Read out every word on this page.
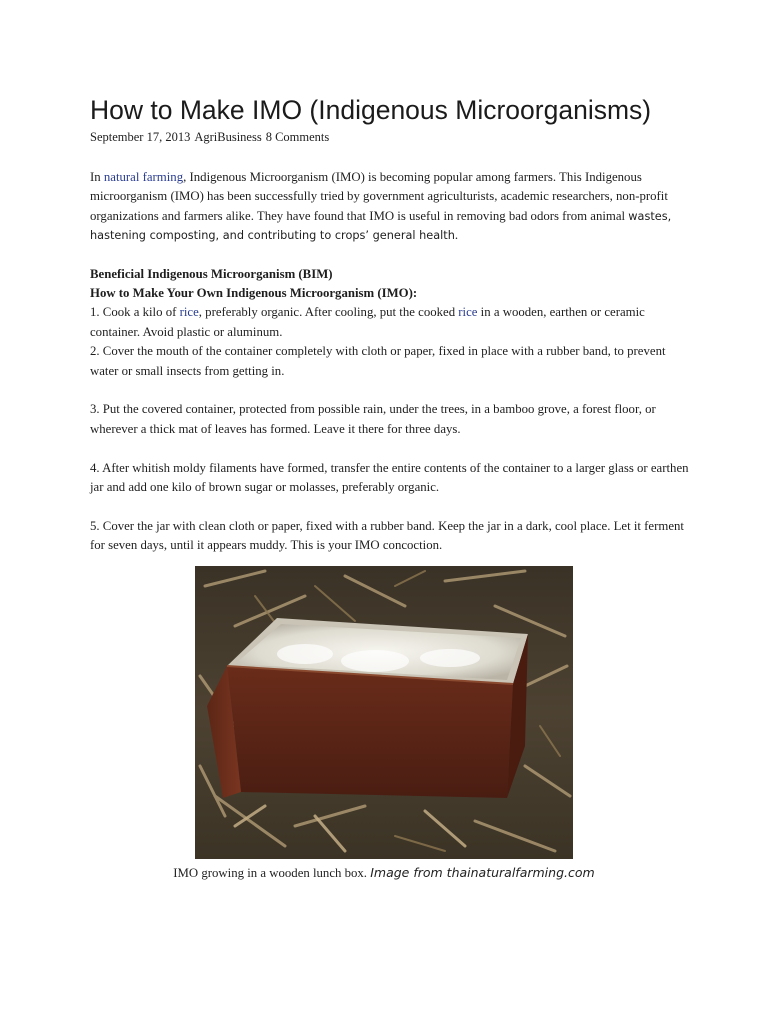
How to Make IMO (Indigenous Microorganisms)
September 17, 2013 AgriBusiness 8 Comments

In natural farming, Indigenous Microorganism (IMO) is becoming popular among farmers. This Indigenous microorganism (IMO) has been successfully tried by government agriculturists, academic researchers, non-profit organizations and farmers alike. They have found that IMO is useful in removing bad odors from animal wastes, hastening composting, and contributing to crops’ general health.

Beneficial Indigenous Microorganism (BIM)

How to Make Your Own Indigenous Microorganism (IMO):

1. Cook a kilo of rice, preferably organic. After cooling, put the cooked rice in a wooden, earthen or ceramic container. Avoid plastic or aluminum.

2. Cover the mouth of the container completely with cloth or paper, fixed in place with a rubber band, to prevent water or small insects from getting in.

3. Put the covered container, protected from possible rain, under the trees, in a bamboo grove, a forest floor, or wherever a thick mat of leaves has formed. Leave it there for three days.

4. After whitish moldy filaments have formed, transfer the entire contents of the container to a larger glass or earthen jar and add one kilo of brown sugar or molasses, preferably organic.

5. Cover the jar with clean cloth or paper, fixed with a rubber band. Keep the jar in a dark, cool place. Let it ferment for seven days, until it appears muddy. This is your IMO concoction.

IMO growing in a wooden lunch box. Image from thainaturalfarming.com
